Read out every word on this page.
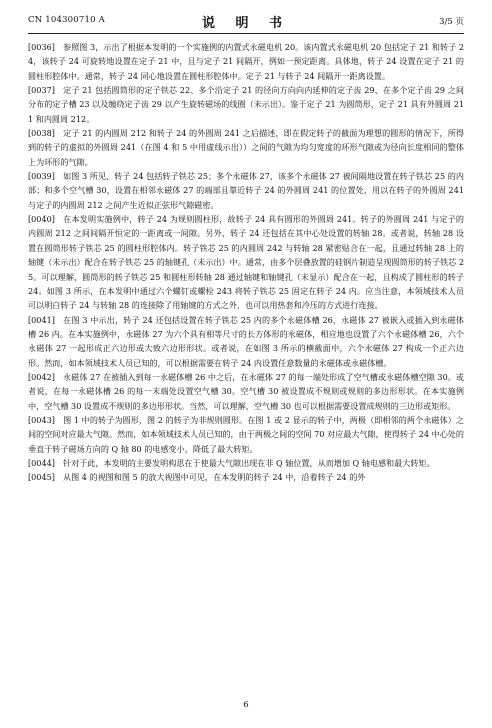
CN 104300710 A	说 明 书	3/5 页

[0036]  参照图 3，示出了根据本发明的一个实施例的内置式永磁电机 20。该内置式永磁电机 20 包括定子 21 和转子 24，该转子 24 可旋转地设置在定子 21 中，且与定子 21 间隔开，例如一预定距离。具体地，转子 24 设置在定子 21 的圆柱形腔体中。通常，转子 24 同心地设置在圆柱形腔体中。定子 21 与转子 24 间隔开一距离设置。

[0037]  定子 21 包括圆筒形的定子铁芯 22、多个沿定子 21 的径向方向向内延伸的定子齿 29、在多个定子齿 29 之间分布的定子槽 23 以及缠绕定子齿 29 以产生旋转磁场的线圈（未示出）。鉴于定子 21 为圆筒形，定子 21 具有外圆周 211 和内圆周 212。

[0038]  定子 21 的内圆周 212 和转子 24 的外圆周 241 之后描述，即在假定转子的截面为理想的圆形的情况下，所得到的转子的虚拟的外圆周 241（在图 4 和 5 中用虚线示出））之间的气隙为均匀宽度的环形气隙或为径向长度相同的整体上为环形的气隙。

[0039]  如图 3 所见，转子 24 包括转子铁芯 25；多个永磁体 27，该多个永磁体 27 被间隔地设置在转子铁芯 25 的内部；和多个空气槽 30，设置在相邻永磁体 27 的端部且靠近转子 24 的外圆周 241 的位置处，用以在转子的外圆周 241 与定子的内圆周 212 之间产生近似正弦形气隙磁密。

[0040]  在本发明实施例中，转子 24 为规则圆柱形，故转子 24 具有圆形的外圆周 241。转子的外圆周 241 与定子的内圆周 212 之间间隔开恒定的一距离或一间隙。另外，转子 24 还包括在其中心处设置的转轴 28。或者说，转轴 28 设置在圆筒形转子铁芯 25 的圆柱形腔体内。转子铁芯 25 的内圆周 242 与转轴 28 紧密贴合在一起，且通过转轴 28 上的轴键（未示出）配合在转子铁芯 25 的轴键孔（未示出）中。通常，由多个层叠放置的硅钢片制造呈现圆筒形的转子铁芯 25。可以理解，圆筒形的转子铁芯 25 和圆柱形转轴 28 通过轴键和轴键孔（未显示）配合在一起，且构成了圆柱形的转子 24。如图 3 所示，在本发明中通过六个螺钉或螺栓 243 将转子铁芯 25 固定在转子 24 内。应当注意，本领域技术人员可以明白转子 24 与转轴 28 的连接除了用轴键的方式之外，也可以用热套和冷压的方式进行连接。

[0041]  在图 3 中示出，转子 24 还包括设置在转子铁芯 25 内的多个永磁体槽 26，永磁体 27 被嵌入或插入到永磁体槽 26 内。在本实施例中，永磁体 27 为六个具有相等尺寸的长方体形的永磁体，相应地也设置了六个永磁体槽 26，六个永磁体 27 一起形成正六边形或大致六边形形状。或者说，在如图 3 所示的横截面中，六个永磁体 27 构成一个正六边形。然而，如本领域技术人员已知的，可以根据需要在转子 24 内设置任意数量的永磁体或永磁体槽。

[0042]  永磁体 27 在被插入到每一永磁体槽 26 中之后，在永磁体 27 的每一端处形成了空气槽或永磁体槽空隙 30。或者说，在每一永磁体槽 26 的每一末端处设置空气槽 30。空气槽 30 被设置成不规则或规则的多边形形状。在本实施例中，空气槽 30 设置成不规则的多边形形状。当然，可以理解，空气槽 30 也可以根据需要设置成规则的三边形或矩形。

[0043]  图 1 中的转子为圆形，图 2 的转子为非规则圆形。在图 1 或 2 显示的转子中，两极（即相邻的两个永磁体）之间的空间对应最大气隙。然而，如本领域技术人员已知的，由于两极之间的空间 70 对应最大气隙，使得转子 24 中心处的垂直于转子磁场方向的 Q 轴 80 的电感变小，降低了最大转矩。

[0044]  针对于此，本发明的主要发明构思在于使最大气隙出现在非 Q 轴位置，从而增加 Q 轴电感和最大转矩。

[0045]  从图 4 的视图和图 5 的放大视图中可见，在本发明的转子 24 中，沿着转子 24 的外

6
